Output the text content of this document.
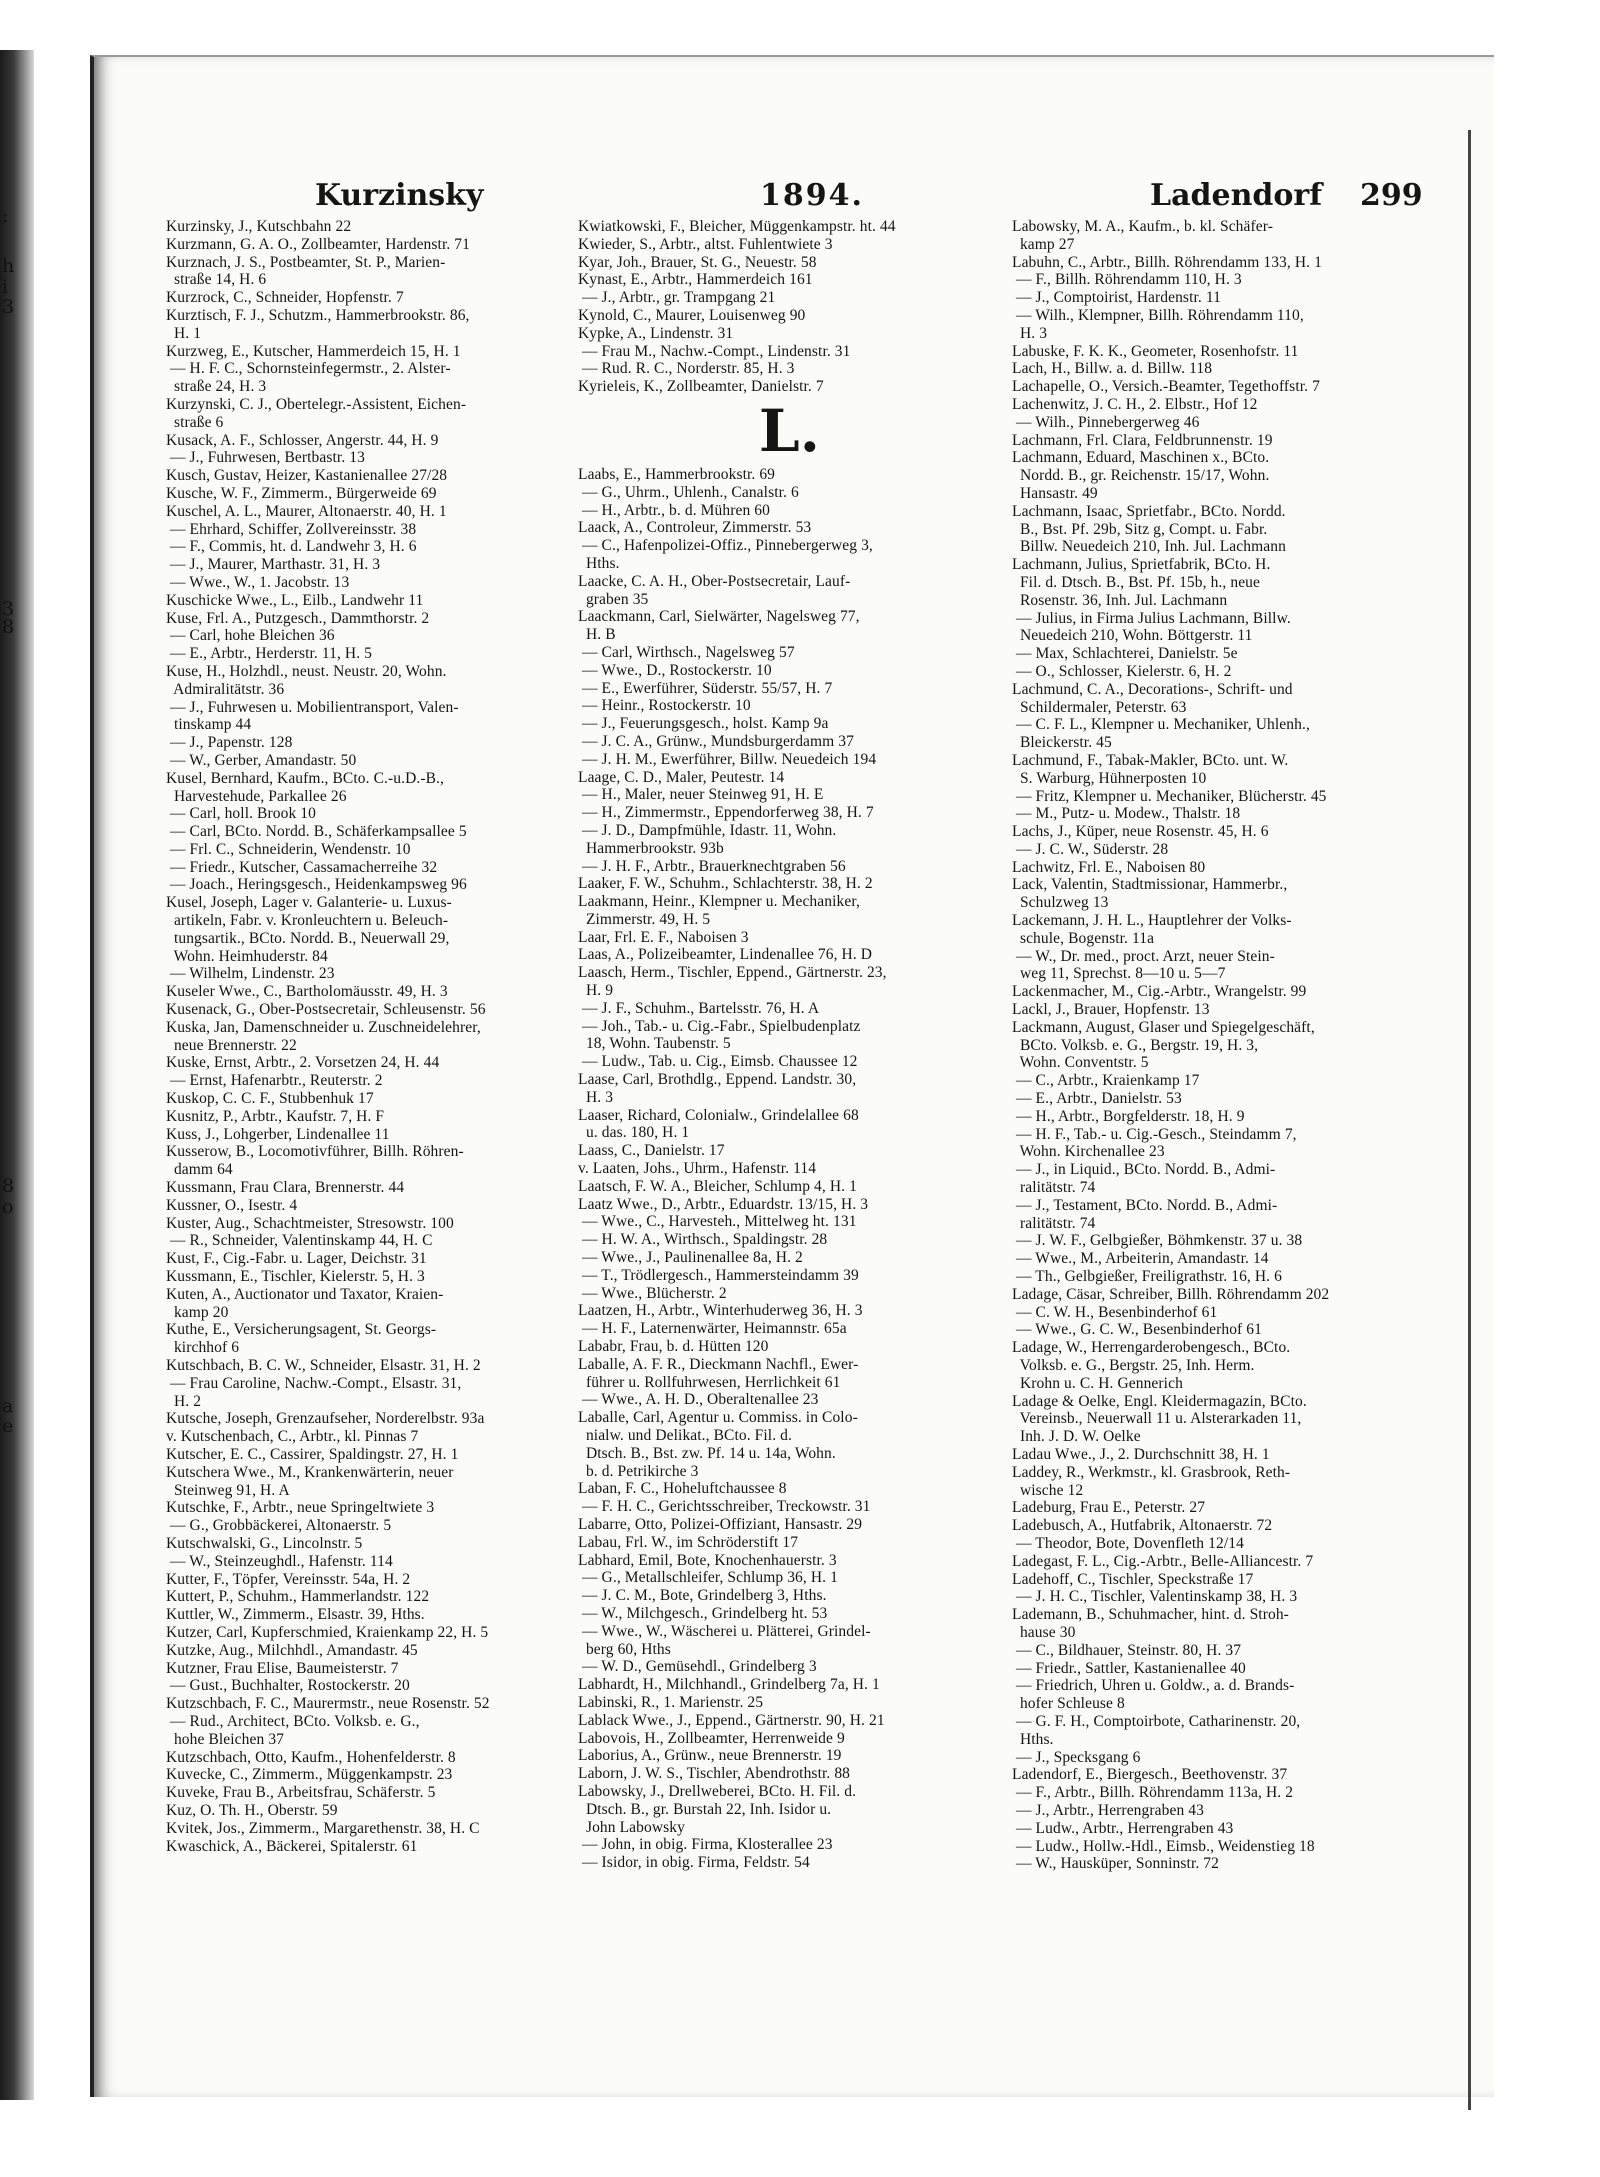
:
h
i
3
3
8
8
o
a
e
Kurzinsky	1894.	Ladendorf 299
Kurzinsky, J., Kutschbahn 22
Kurzmann, G. A. O., Zollbeamter, Hardenstr. 71
Kurznach, J. S., Postbeamter, St. P., Marien-
straße 14, H. 6
Kurzrock, C., Schneider, Hopfenstr. 7
Kurztisch, F. J., Schutzm., Hammerbrookstr. 86,
H. 1
Kurzweg, E., Kutscher, Hammerdeich 15, H. 1
— H. F. C., Schornsteinfegermstr., 2. Alster-
straße 24, H. 3
Kurzynski, C. J., Obertelegr.-Assistent, Eichen-
straße 6
Kusack, A. F., Schlosser, Angerstr. 44, H. 9
— J., Fuhrwesen, Bertbastr. 13
Kusch, Gustav, Heizer, Kastanienallee 27/28
Kusche, W. F., Zimmerm., Bürgerweide 69
Kuschel, A. L., Maurer, Altonaerstr. 40, H. 1
— Ehrhard, Schiffer, Zollvereinsstr. 38
— F., Commis, ht. d. Landwehr 3, H. 6
— J., Maurer, Marthastr. 31, H. 3
— Wwe., W., 1. Jacobstr. 13
Kuschicke Wwe., L., Eilb., Landwehr 11
Kuse, Frl. A., Putzgesch., Dammthorstr. 2
— Carl, hohe Bleichen 36
— E., Arbtr., Herderstr. 11, H. 5
Kuse, H., Holzhdl., neust. Neustr. 20, Wohn.
Admiralitätstr. 36
— J., Fuhrwesen u. Mobilientransport, Valen-
tinskamp 44
— J., Papenstr. 128
— W., Gerber, Amandastr. 50
Kusel, Bernhard, Kaufm., BCto. C.-u.D.-B.,
Harvestehude, Parkallee 26
— Carl, holl. Brook 10
— Carl, BCto. Nordd. B., Schäferkampsallee 5
— Frl. C., Schneiderin, Wendenstr. 10
— Friedr., Kutscher, Cassamacherreihe 32
— Joach., Heringsgesch., Heidenkampsweg 96
Kusel, Joseph, Lager v. Galanterie- u. Luxus-
artikeln, Fabr. v. Kronleuchtern u. Beleuch-
tungsartik., BCto. Nordd. B., Neuerwall 29,
Wohn. Heimhuderstr. 84
— Wilhelm, Lindenstr. 23
Kuseler Wwe., C., Bartholomäusstr. 49, H. 3
Kusenack, G., Ober-Postsecretair, Schleusenstr. 56
Kuska, Jan, Damenschneider u. Zuschneidelehrer,
neue Brennerstr. 22
Kuske, Ernst, Arbtr., 2. Vorsetzen 24, H. 44
— Ernst, Hafenarbtr., Reuterstr. 2
Kuskop, C. C. F., Stubbenhuk 17
Kusnitz, P., Arbtr., Kaufstr. 7, H. F
Kuss, J., Lohgerber, Lindenallee 11
Kusserow, B., Locomotivführer, Billh. Röhren-
damm 64
Kussmann, Frau Clara, Brennerstr. 44
Kussner, O., Isestr. 4
Kuster, Aug., Schachtmeister, Stresowstr. 100
— R., Schneider, Valentinskamp 44, H. C
Kust, F., Cig.-Fabr. u. Lager, Deichstr. 31
Kussmann, E., Tischler, Kielerstr. 5, H. 3
Kuten, A., Auctionator und Taxator, Kraien-
kamp 20
Kuthe, E., Versicherungsagent, St. Georgs-
kirchhof 6
Kutschbach, B. C. W., Schneider, Elsastr. 31, H. 2
— Frau Caroline, Nachw.-Compt., Elsastr. 31,
H. 2
Kutsche, Joseph, Grenzaufseher, Norderelbstr. 93a
v. Kutschenbach, C., Arbtr., kl. Pinnas 7
Kutscher, E. C., Cassirer, Spaldingstr. 27, H. 1
Kutschera Wwe., M., Krankenwärterin, neuer
Steinweg 91, H. A
Kutschke, F., Arbtr., neue Springeltwiete 3
— G., Grobbäckerei, Altonaerstr. 5
Kutschwalski, G., Lincolnstr. 5
— W., Steinzeughdl., Hafenstr. 114
Kutter, F., Töpfer, Vereinsstr. 54a, H. 2
Kuttert, P., Schuhm., Hammerlandstr. 122
Kuttler, W., Zimmerm., Elsastr. 39, Hths.
Kutzer, Carl, Kupferschmied, Kraienkamp 22, H. 5
Kutzke, Aug., Milchhdl., Amandastr. 45
Kutzner, Frau Elise, Baumeisterstr. 7
— Gust., Buchhalter, Rostockerstr. 20
Kutzschbach, F. C., Maurermstr., neue Rosenstr. 52
— Rud., Architect, BCto. Volksb. e. G.,
hohe Bleichen 37
Kutzschbach, Otto, Kaufm., Hohenfelderstr. 8
Kuvecke, C., Zimmerm., Müggenkampstr. 23
Kuveke, Frau B., Arbeitsfrau, Schäferstr. 5
Kuz, O. Th. H., Oberstr. 59
Kvitek, Jos., Zimmerm., Margarethenstr. 38, H. C
Kwaschick, A., Bäckerei, Spitalerstr. 61
Kwiatkowski, F., Bleicher, Müggenkampstr. ht. 44
Kwieder, S., Arbtr., altst. Fuhlentwiete 3
Kyar, Joh., Brauer, St. G., Neuestr. 58
Kynast, E., Arbtr., Hammerdeich 161
— J., Arbtr., gr. Trampgang 21
Kynold, C., Maurer, Louisenweg 90
Kypke, A., Lindenstr. 31
— Frau M., Nachw.-Compt., Lindenstr. 31
— Rud. R. C., Norderstr. 85, H. 3
Kyrieleis, K., Zollbeamter, Danielstr. 7
L.
Laabs, E., Hammerbrookstr. 69
— G., Uhrm., Uhlenh., Canalstr. 6
— H., Arbtr., b. d. Mühren 60
Laack, A., Controleur, Zimmerstr. 53
— C., Hafenpolizei-Offiz., Pinnebergerweg 3,
Hths.
Laacke, C. A. H., Ober-Postsecretair, Lauf-
graben 35
Laackmann, Carl, Sielwärter, Nagelsweg 77,
H. B
— Carl, Wirthsch., Nagelsweg 57
— Wwe., D., Rostockerstr. 10
— E., Ewerführer, Süderstr. 55/57, H. 7
— Heinr., Rostockerstr. 10
— J., Feuerungsgesch., holst. Kamp 9a
— J. C. A., Grünw., Mundsburgerdamm 37
— J. H. M., Ewerführer, Billw. Neuedeich 194
Laage, C. D., Maler, Peutestr. 14
— H., Maler, neuer Steinweg 91, H. E
— H., Zimmermstr., Eppendorferweg 38, H. 7
— J. D., Dampfmühle, Idastr. 11, Wohn.
Hammerbrookstr. 93b
— J. H. F., Arbtr., Brauerknechtgraben 56
Laaker, F. W., Schuhm., Schlachterstr. 38, H. 2
Laakmann, Heinr., Klempner u. Mechaniker,
Zimmerstr. 49, H. 5
Laar, Frl. E. F., Naboisen 3
Laas, A., Polizeibeamter, Lindenallee 76, H. D
Laasch, Herm., Tischler, Eppend., Gärtnerstr. 23,
H. 9
— J. F., Schuhm., Bartelsstr. 76, H. A
— Joh., Tab.- u. Cig.-Fabr., Spielbudenplatz
18, Wohn. Taubenstr. 5
— Ludw., Tab. u. Cig., Eimsb. Chaussee 12
Laase, Carl, Brothdlg., Eppend. Landstr. 30,
H. 3
Laaser, Richard, Colonialw., Grindelallee 68
u. das. 180, H. 1
Laass, C., Danielstr. 17
v. Laaten, Johs., Uhrm., Hafenstr. 114
Laatsch, F. W. A., Bleicher, Schlump 4, H. 1
Laatz Wwe., D., Arbtr., Eduardstr. 13/15, H. 3
— Wwe., C., Harvesteh., Mittelweg ht. 131
— H. W. A., Wirthsch., Spaldingstr. 28
— Wwe., J., Paulinenallee 8a, H. 2
— T., Trödlergesch., Hammersteindamm 39
— Wwe., Blücherstr. 2
Laatzen, H., Arbtr., Winterhuderweg 36, H. 3
— H. F., Laternenwärter, Heimannstr. 65a
Lababr, Frau, b. d. Hütten 120
Laballe, A. F. R., Dieckmann Nachfl., Ewer-
führer u. Rollfuhrwesen, Herrlichkeit 61
— Wwe., A. H. D., Oberaltenallee 23
Laballe, Carl, Agentur u. Commiss. in Colo-
nialw. und Delikat., BCto. Fil. d.
Dtsch. B., Bst. zw. Pf. 14 u. 14a, Wohn.
b. d. Petrikirche 3
Laban, F. C., Hoheluftchaussee 8
— F. H. C., Gerichtsschreiber, Treckowstr. 31
Labarre, Otto, Polizei-Offiziant, Hansastr. 29
Labau, Frl. W., im Schröderstift 17
Labhard, Emil, Bote, Knochenhauerstr. 3
— G., Metallschleifer, Schlump 36, H. 1
— J. C. M., Bote, Grindelberg 3, Hths.
— W., Milchgesch., Grindelberg ht. 53
— Wwe., W., Wäscherei u. Plätterei, Grindel-
berg 60, Hths
— W. D., Gemüsehdl., Grindelberg 3
Labhardt, H., Milchhandl., Grindelberg 7a, H. 1
Labinski, R., 1. Marienstr. 25
Lablack Wwe., J., Eppend., Gärtnerstr. 90, H. 21
Labovois, H., Zollbeamter, Herrenweide 9
Laborius, A., Grünw., neue Brennerstr. 19
Laborn, J. W. S., Tischler, Abendrothstr. 88
Labowsky, J., Drellweberei, BCto. H. Fil. d.
Dtsch. B., gr. Burstah 22, Inh. Isidor u.
John Labowsky
— John, in obig. Firma, Klosterallee 23
— Isidor, in obig. Firma, Feldstr. 54
Labowsky, M. A., Kaufm., b. kl. Schäfer-
kamp 27
Labuhn, C., Arbtr., Billh. Röhrendamm 133, H. 1
— F., Billh. Röhrendamm 110, H. 3
— J., Comptoirist, Hardenstr. 11
— Wilh., Klempner, Billh. Röhrendamm 110,
H. 3
Labuske, F. K. K., Geometer, Rosenhofstr. 11
Lach, H., Billw. a. d. Billw. 118
Lachapelle, O., Versich.-Beamter, Tegethoffstr. 7
Lachenwitz, J. C. H., 2. Elbstr., Hof 12
— Wilh., Pinnebergerweg 46
Lachmann, Frl. Clara, Feldbrunnenstr. 19
Lachmann, Eduard, Maschinen x., BCto.
Nordd. B., gr. Reichenstr. 15/17, Wohn.
Hansastr. 49
Lachmann, Isaac, Sprietfabr., BCto. Nordd.
B., Bst. Pf. 29b, Sitz g, Compt. u. Fabr.
Billw. Neuedeich 210, Inh. Jul. Lachmann
Lachmann, Julius, Sprietfabrik, BCto. H.
Fil. d. Dtsch. B., Bst. Pf. 15b, h., neue
Rosenstr. 36, Inh. Jul. Lachmann
— Julius, in Firma Julius Lachmann, Billw.
Neuedeich 210, Wohn. Böttgerstr. 11
— Max, Schlachterei, Danielstr. 5e
— O., Schlosser, Kielerstr. 6, H. 2
Lachmund, C. A., Decorations-, Schrift- und
Schildermaler, Peterstr. 63
— C. F. L., Klempner u. Mechaniker, Uhlenh.,
Bleickerstr. 45
Lachmund, F., Tabak-Makler, BCto. unt. W.
S. Warburg, Hühnerposten 10
— Fritz, Klempner u. Mechaniker, Blücherstr. 45
— M., Putz- u. Modew., Thalstr. 18
Lachs, J., Küper, neue Rosenstr. 45, H. 6
— J. C. W., Süderstr. 28
Lachwitz, Frl. E., Naboisen 80
Lack, Valentin, Stadtmissionar, Hammerbr.,
Schulzweg 13
Lackemann, J. H. L., Hauptlehrer der Volks-
schule, Bogenstr. 11a
— W., Dr. med., proct. Arzt, neuer Stein-
weg 11, Sprechst. 8—10 u. 5—7
Lackenmacher, M., Cig.-Arbtr., Wrangelstr. 99
Lackl, J., Brauer, Hopfenstr. 13
Lackmann, August, Glaser und Spiegelgeschäft,
BCto. Volksb. e. G., Bergstr. 19, H. 3,
Wohn. Conventstr. 5
— C., Arbtr., Kraienkamp 17
— E., Arbtr., Danielstr. 53
— H., Arbtr., Borgfelderstr. 18, H. 9
— H. F., Tab.- u. Cig.-Gesch., Steindamm 7,
Wohn. Kirchenallee 23
— J., in Liquid., BCto. Nordd. B., Admi-
ralitätstr. 74
— J., Testament, BCto. Nordd. B., Admi-
ralitätstr. 74
— J. W. F., Gelbgießer, Böhmkenstr. 37 u. 38
— Wwe., M., Arbeiterin, Amandastr. 14
— Th., Gelbgießer, Freiligrathstr. 16, H. 6
Ladage, Cäsar, Schreiber, Billh. Röhrendamm 202
— C. W. H., Besenbinderhof 61
— Wwe., G. C. W., Besenbinderhof 61
Ladage, W., Herrengarderobengesch., BCto.
Volksb. e. G., Bergstr. 25, Inh. Herm.
Krohn u. C. H. Gennerich
Ladage & Oelke, Engl. Kleidermagazin, BCto.
Vereinsb., Neuerwall 11 u. Alsterarkaden 11,
Inh. J. D. W. Oelke
Ladau Wwe., J., 2. Durchschnitt 38, H. 1
Laddey, R., Werkmstr., kl. Grasbrook, Reth-
wische 12
Ladeburg, Frau E., Peterstr. 27
Ladebusch, A., Hutfabrik, Altonaerstr. 72
— Theodor, Bote, Dovenfleth 12/14
Ladegast, F. L., Cig.-Arbtr., Belle-Alliancestr. 7
Ladehoff, C., Tischler, Speckstraße 17
— J. H. C., Tischler, Valentinskamp 38, H. 3
Lademann, B., Schuhmacher, hint. d. Stroh-
hause 30
— C., Bildhauer, Steinstr. 80, H. 37
— Friedr., Sattler, Kastanienallee 40
— Friedrich, Uhren u. Goldw., a. d. Brands-
hofer Schleuse 8
— G. F. H., Comptoirbote, Catharinenstr. 20,
Hths.
— J., Specksgang 6
Ladendorf, E., Biergesch., Beethovenstr. 37
— F., Arbtr., Billh. Röhrendamm 113a, H. 2
— J., Arbtr., Herrengraben 43
— Ludw., Arbtr., Herrengraben 43
— Ludw., Hollw.-Hdl., Eimsb., Weidenstieg 18
— W., Hausküper, Sonninstr. 72
